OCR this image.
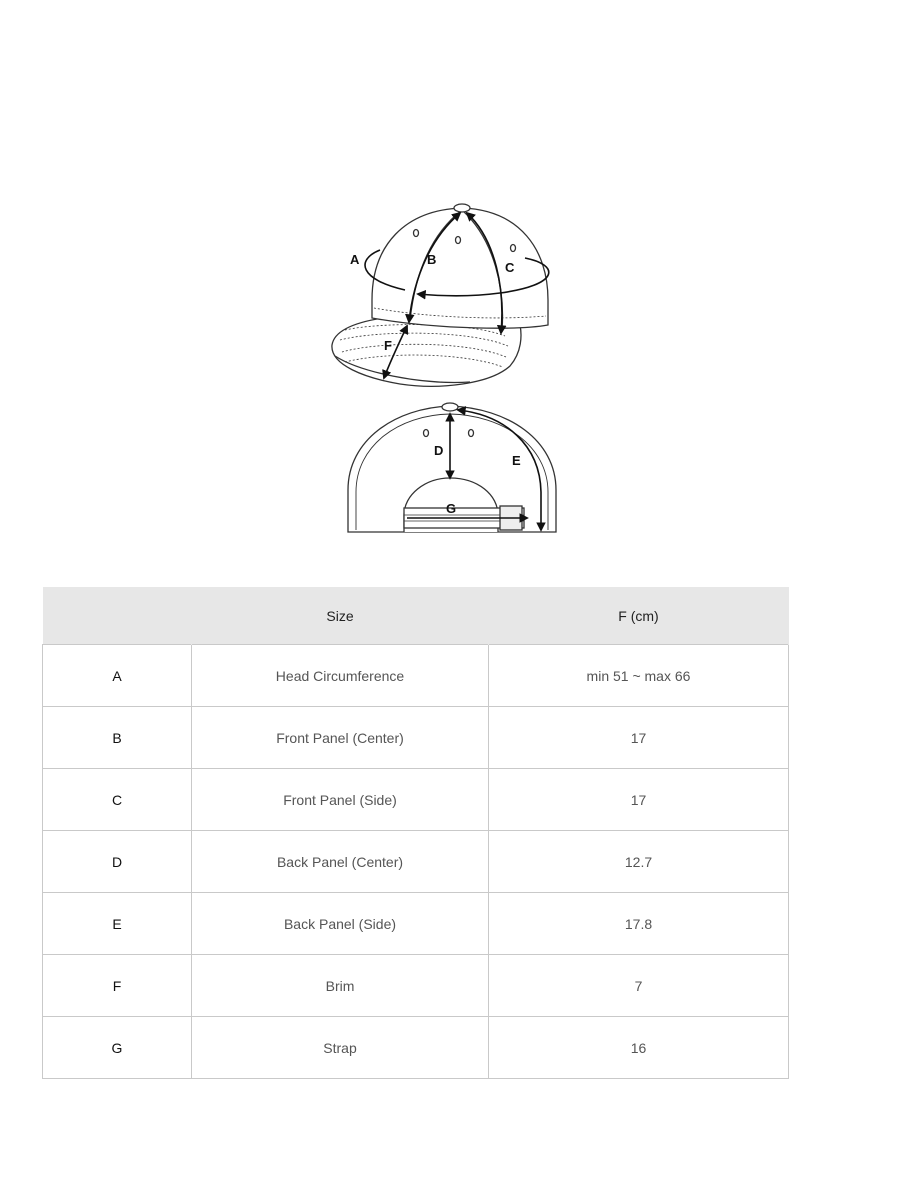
A	B
C
F
D
E
G
	Size	F (cm)
A	Head Circumference	min 51 ~ max 66
B	Front Panel (Center)	17
C	Front Panel (Side)	17
D	Back Panel (Center)	12.7
E	Back Panel (Side)	17.8
F	Brim	7
G	Strap	16
